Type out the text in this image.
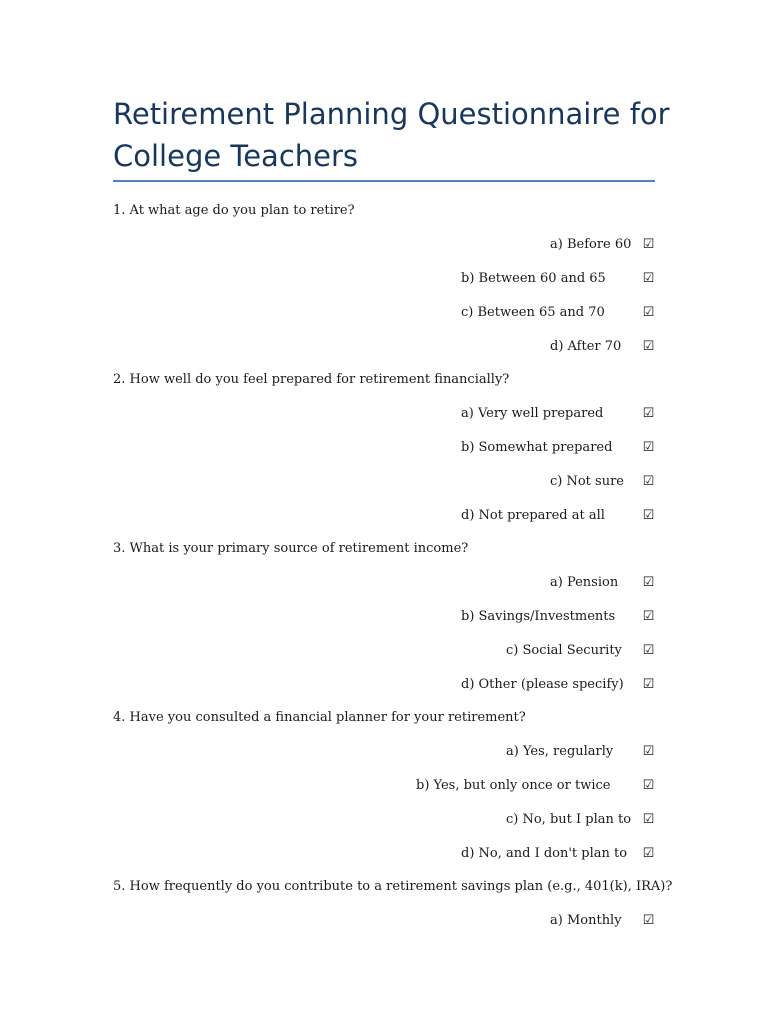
Retirement Planning Questionnaire for College Teachers

1. At what age do you plan to retire?

a) Before 60 ☑
b) Between 60 and 65	☑
c) Between 65 and 70	☑
d) After 70 ☑

2. How well do you feel prepared for retirement financially?

a) Very well prepared	☑
b) Somewhat prepared ☑
c) Not sure ☑
d) Not prepared at all	☑

3. What is your primary source of retirement income?

a) Pension ☑
b) Savings/Investments ☑
c) Social Security ☑
d) Other (please specify) ☑

4. Have you consulted a financial planner for your retirement?

a) Yes, regularly ☑
b) Yes, but only once or twice ☑
c) No, but I plan to ☑
d) No, and I don't plan to ☑

5. How frequently do you contribute to a retirement savings plan (e.g., 401(k), IRA)?

a) Monthly ☑
